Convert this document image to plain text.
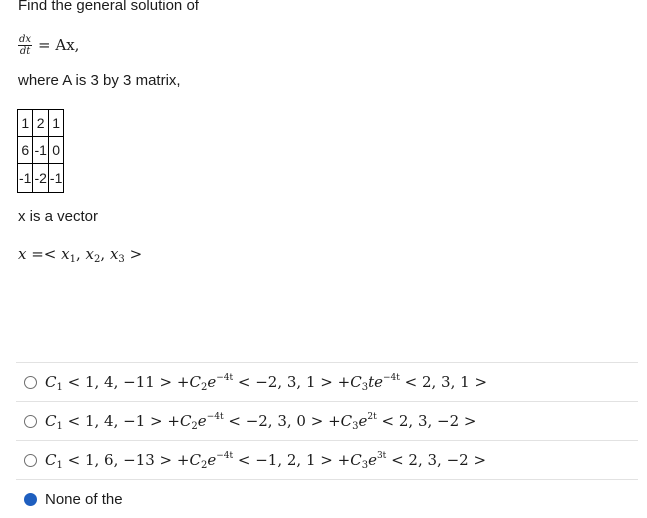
Find the general solution of
$\frac{dx}{dt} = Ax$,
where A is 3 by 3 matrix,
1	2	1
6	-1	0
-1	-2	-1
x is a vector
$x =< x_1$, $x_2$, $x_3$ >
$C_1 < 1$, 4, $-11 > +C_2e^{-4t} < -2$, 3, $1 > +C_3te^{-4t} < 2$, 3, 1 >
$C_1 < 1$, 4, $-1 > +C_2e^{-4t} < -2$, 3, $0 > +C_3e^{2t} < 2$, 3, −2 >
$C_1 < 1$, 6, $-13 > +C_2e^{-4t} < -1$, 2, $1 > +C_3e^{3t} < 2$, 3, −2 >
None of the
